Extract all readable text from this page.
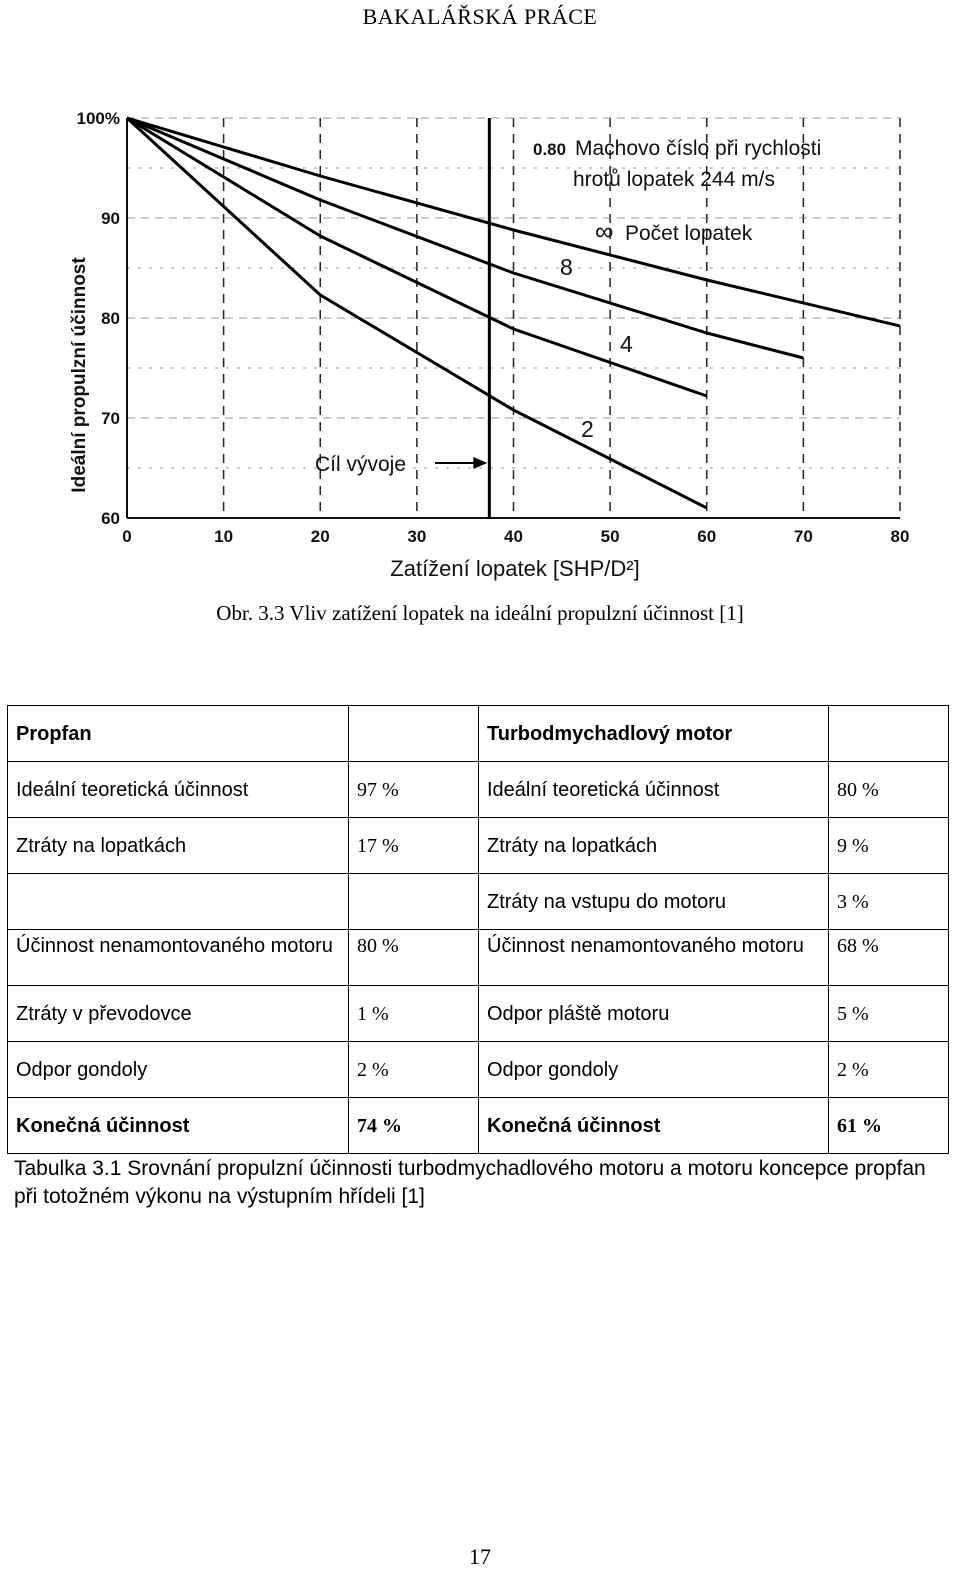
BAKALÁŘSKÁ PRÁCE
8
4
2
0	10	20	30	40	50	60	70	80
100%
90
80
70
60
Ideální propulzní účinnost
Zatížení lopatek [SHP/D²]
0.80 Machovo číslo při rychlosti
hrotů lopatek 244 m/s
∞ Počet lopatek
Cíl vývoje
Obr. 3.3 Vliv zatížení lopatek na ideální propulzní účinnost [1]
Propfan		Turbodmychadlový motor	
Ideální teoretická účinnost	97 %	Ideální teoretická účinnost	80 %
Ztráty na lopatkách	17 %	Ztráty na lopatkách	9 %
		Ztráty na vstupu do motoru	3 %
Účinnost nenamontovaného motoru	80 %	Účinnost nenamontovaného motoru	68 %
Ztráty v převodovce	1 %	Odpor pláště motoru	5 %
Odpor gondoly	2 %	Odpor gondoly	2 %
Konečná účinnost	74 %	Konečná účinnost	61 %
Tabulka 3.1 Srovnání propulzní účinnosti turbodmychadlového motoru a motoru koncepce propfan při totožném výkonu na výstupním hřídeli [1]
17
